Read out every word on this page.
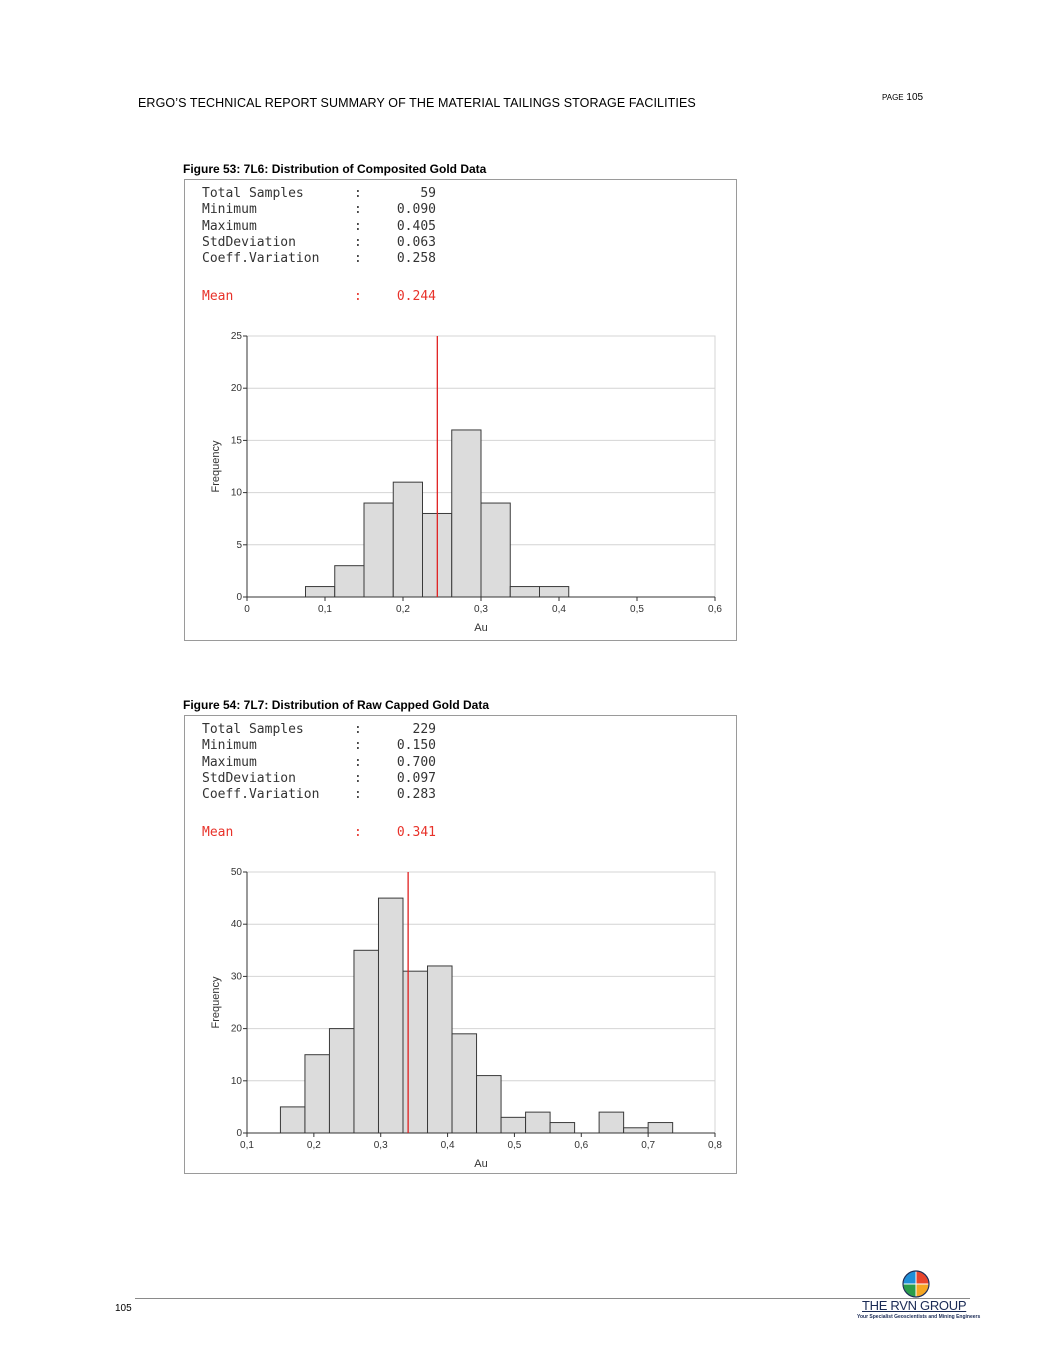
ERGO’S TECHNICAL REPORT SUMMARY OF THE MATERIAL TAILINGS STORAGE FACILITIES	PAGE 105
Figure 53: 7L6: Distribution of Composited Gold Data
Total Samples	:	59
Minimum	:	0.090
Maximum	:	0.405
StdDeviation	:	0.063
Coeff.Variation	:	0.258
Mean	:	0.244
0
5
10
15
20
25
0	0,1	0,2	0,3	0,4	0,5	0,6
Au
Frequency
Figure 54: 7L7: Distribution of Raw Capped Gold Data
Total Samples	:	229
Minimum	:	0.150
Maximum	:	0.700
StdDeviation	:	0.097
Coeff.Variation	:	0.283
Mean	:	0.341
0
10
20
30
40
50
0,1	0,2	0,3	0,4	0,5	0,6	0,7	0,8
Au
Frequency
105	THE RVN GROUP
Your Specialist Geoscientists and Mining Engineers
